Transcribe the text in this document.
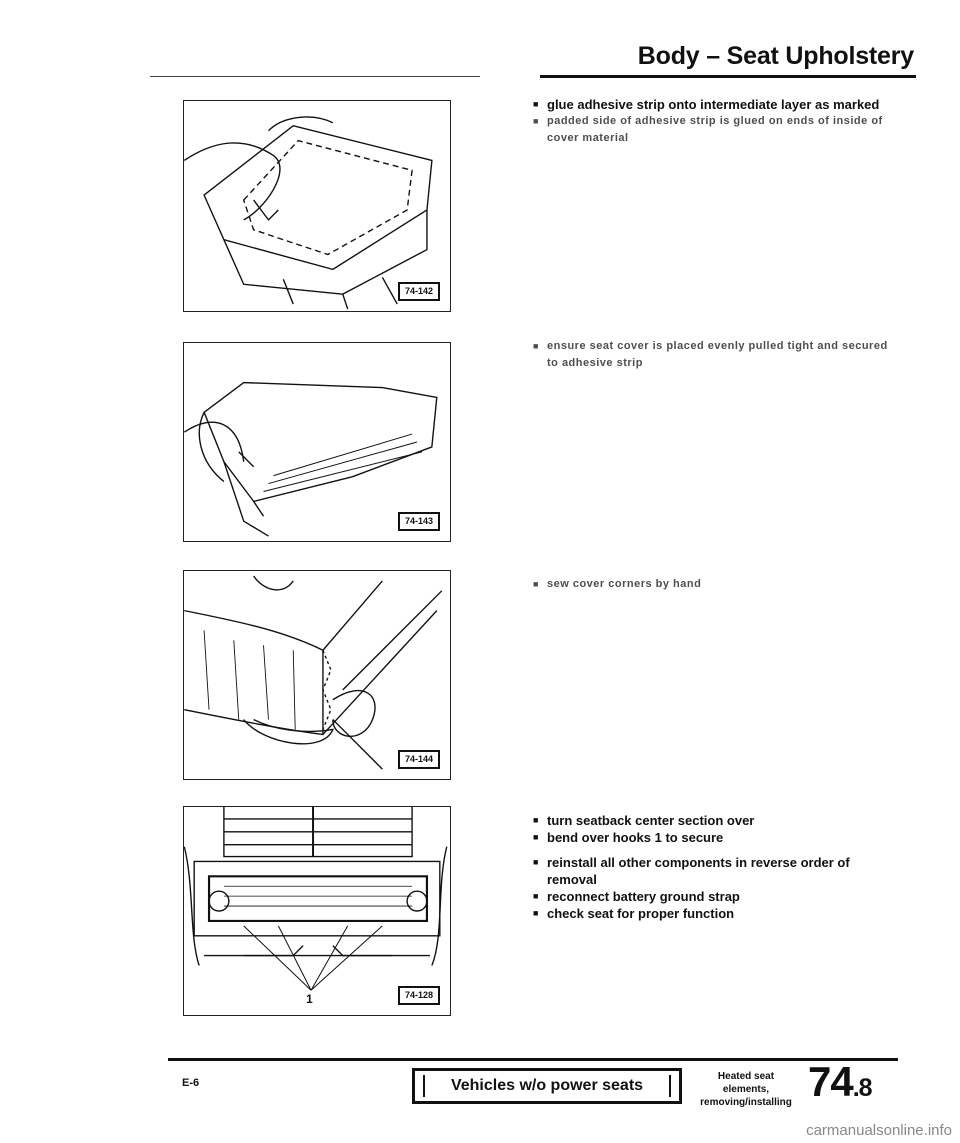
Body – Seat Upholstery
74-142
74-143
74-144
1	74-128
■ glue adhesive strip onto intermediate layer as marked
■ padded side of adhesive strip is glued on ends of inside of cover material
■ ensure seat cover is placed evenly pulled tight and secured to adhesive strip
■ sew cover corners by hand
■ turn seatback center section over
■ bend over hooks 1 to secure
■ reinstall all other components in reverse order of removal
■ reconnect battery ground strap
■ check seat for proper function
E-6	Vehicles w/o power seats
Heated seat elements,
removing/installing 74.8
carmanualsonline.info
